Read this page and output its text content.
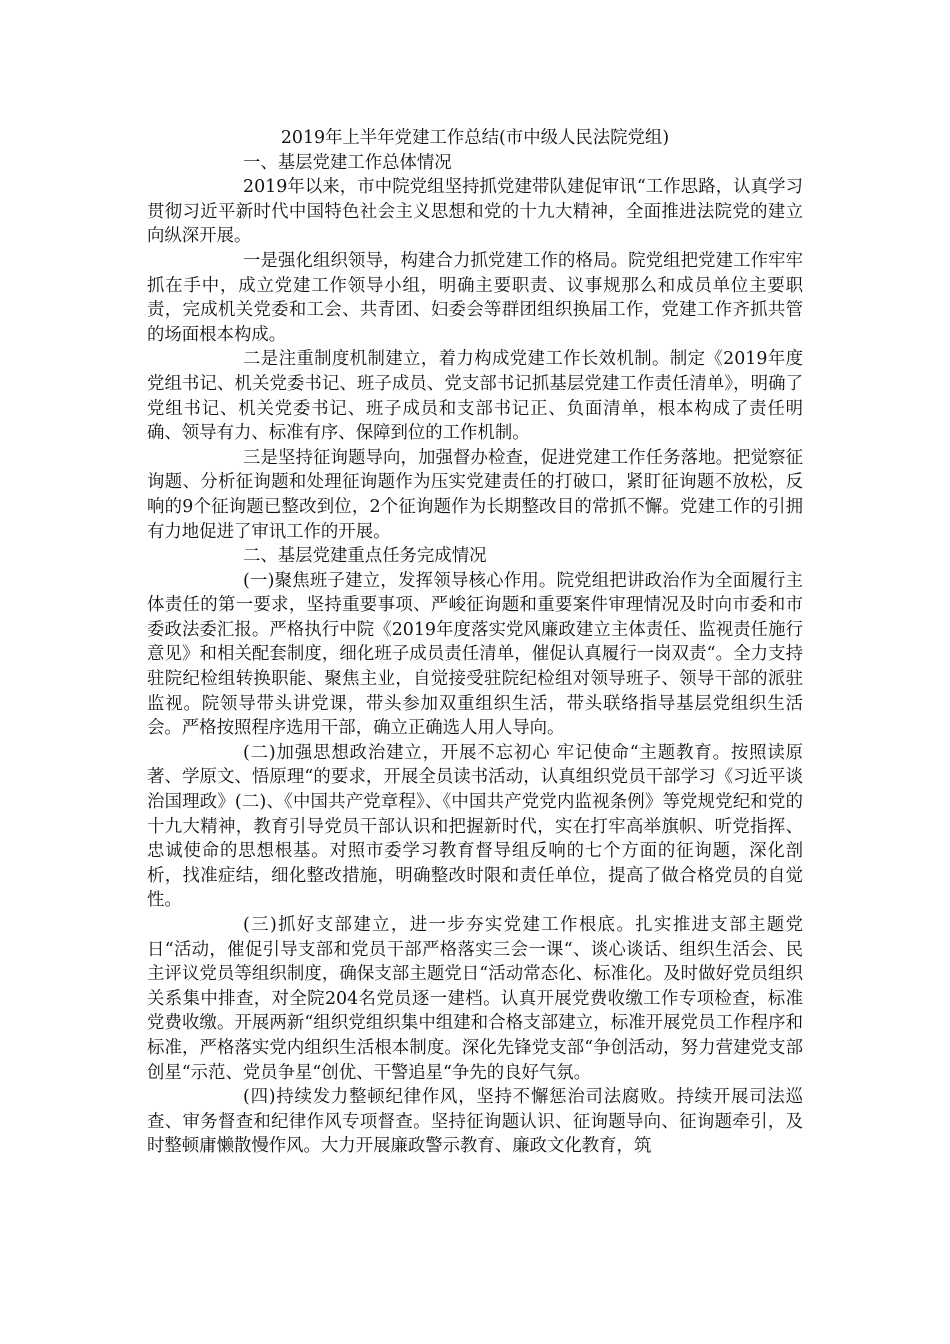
2019年上半年党建工作总结(市中级人民法院党组)

一、基层党建工作总体情况

2019年以来，市中院党组坚持抓党建带队建促审讯“工作思路，认真学习贯彻习近平新时代中国特色社会主义思想和党的十九大精神，全面推进法院党的建立向纵深开展。

一是强化组织领导，构建合力抓党建工作的格局。院党组把党建工作牢牢抓在手中，成立党建工作领导小组，明确主要职责、议事规那么和成员单位主要职责，完成机关党委和工会、共青团、妇委会等群团组织换届工作，党建工作齐抓共管的场面根本构成。

二是注重制度机制建立，着力构成党建工作长效机制。制定《2019年度党组书记、机关党委书记、班子成员、党支部书记抓基层党建工作责任清单》，明确了党组书记、机关党委书记、班子成员和支部书记正、负面清单，根本构成了责任明确、领导有力、标准有序、保障到位的工作机制。

三是坚持征询题导向，加强督办检查，促进党建工作任务落地。把觉察征询题、分析征询题和处理征询题作为压实党建责任的打破口，紧盯征询题不放松，反响的9个征询题已整改到位，2个征询题作为长期整改目的常抓不懈。党建工作的引拥有力地促进了审讯工作的开展。

二、基层党建重点任务完成情况

(一)聚焦班子建立，发挥领导核心作用。院党组把讲政治作为全面履行主体责任的第一要求，坚持重要事项、严峻征询题和重要案件审理情况及时向市委和市委政法委汇报。严格执行中院《2019年度落实党风廉政建立主体责任、监视责任施行意见》和相关配套制度，细化班子成员责任清单，催促认真履行一岗双责“。全力支持驻院纪检组转换职能、聚焦主业，自觉接受驻院纪检组对领导班子、领导干部的派驻监视。院领导带头讲党课，带头参加双重组织生活，带头联络指导基层党组织生活会。严格按照程序选用干部，确立正确选人用人导向。

(二)加强思想政治建立，开展不忘初心 牢记使命“主题教育。按照读原著、学原文、悟原理“的要求，开展全员读书活动，认真组织党员干部学习《习近平谈治国理政》(二)、《中国共产党章程》、《中国共产党党内监视条例》等党规党纪和党的十九大精神，教育引导党员干部认识和把握新时代，实在打牢高举旗帜、听党指挥、忠诚使命的思想根基。对照市委学习教育督导组反响的七个方面的征询题，深化剖析，找准症结，细化整改措施，明确整改时限和责任单位，提高了做合格党员的自觉性。

(三)抓好支部建立，进一步夯实党建工作根底。扎实推进支部主题党日“活动，催促引导支部和党员干部严格落实三会一课“、谈心谈话、组织生活会、民主评议党员等组织制度，确保支部主题党日“活动常态化、标准化。及时做好党员组织关系集中排查，对全院204名党员逐一建档。认真开展党费收缴工作专项检查，标准党费收缴。开展两新“组织党组织集中组建和合格支部建立，标准开展党员工作程序和标准，严格落实党内组织生活根本制度。深化先锋党支部“争创活动，努力营建党支部创星“示范、党员争星“创优、干警追星“争先的良好气氛。

(四)持续发力整顿纪律作风，坚持不懈惩治司法腐败。持续开展司法巡查、审务督查和纪律作风专项督查。坚持征询题认识、征询题导向、征询题牵引，及时整顿庸懒散慢作风。大力开展廉政警示教育、廉政文化教育，筑
